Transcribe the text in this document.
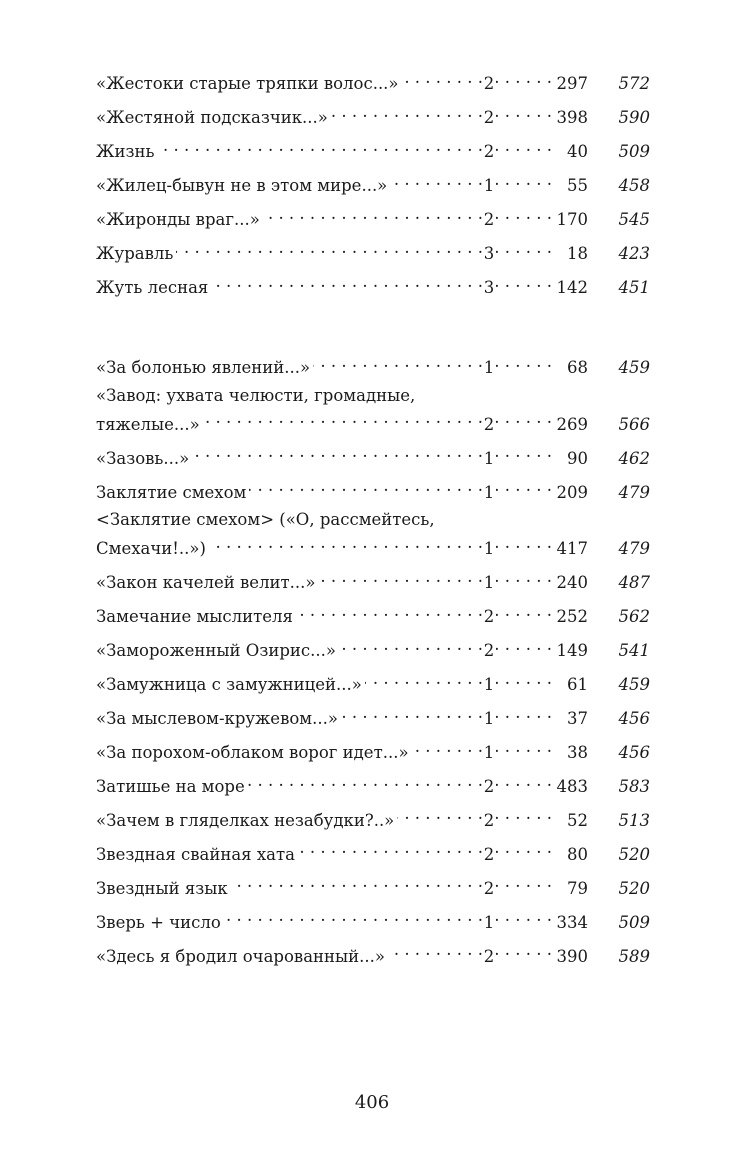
«Жестоки старые тряпки волос...» . . .	2 . . .	297	572
«Жестяной подсказчик...» . . .	2 . . .	398	590
Жизнь . . .	2 . . .	40	509
«Жилец-бывун не в этом мире...» . . .	1 . . .	55	458
«Жиронды враг...» . . .	2 . . .	170	545
Журавль . . .	3 . . .	18	423
Жуть лесная . . .	3 . . .	142	451
«За болонью явлений...» . . .	1 . . .	68	459
«Завод: ухвата челюсти, громадные,
тяжелые...» . . .	2 . . .	269	566
«Зазовь...» . . .	1 . . .	90	462
Заклятие смехом . . .	1 . . .	209	479
<Заклятие смехом> («О, рассмейтесь,
Смехачи!..») . . .	1 . . .	417	479
«Закон качелей велит...» . . .	1 . . .	240	487
Замечание мыслителя . . .	2 . . .	252	562
«Замороженный Озирис...» . . .	2 . . .	149	541
«Замужница с замужницей...» . . .	1 . . .	61	459
«За мыслевом-кружевом...» . . .	1 . . .	37	456
«За порохом-облаком ворог идет...» . . .	1 . . .	38	456
Затишье на море . . .	2 . . .	483	583
«Зачем в гляделках незабудки?..» . . .	2 . . .	52	513
Звездная свайная хата . . .	2 . . .	80	520
Звездный язык . . .	2 . . .	79	520
Зверь + число . . .	1 . . .	334	509
«Здесь я бродил очарованный...» . . .	2 . . .	390	589
406
